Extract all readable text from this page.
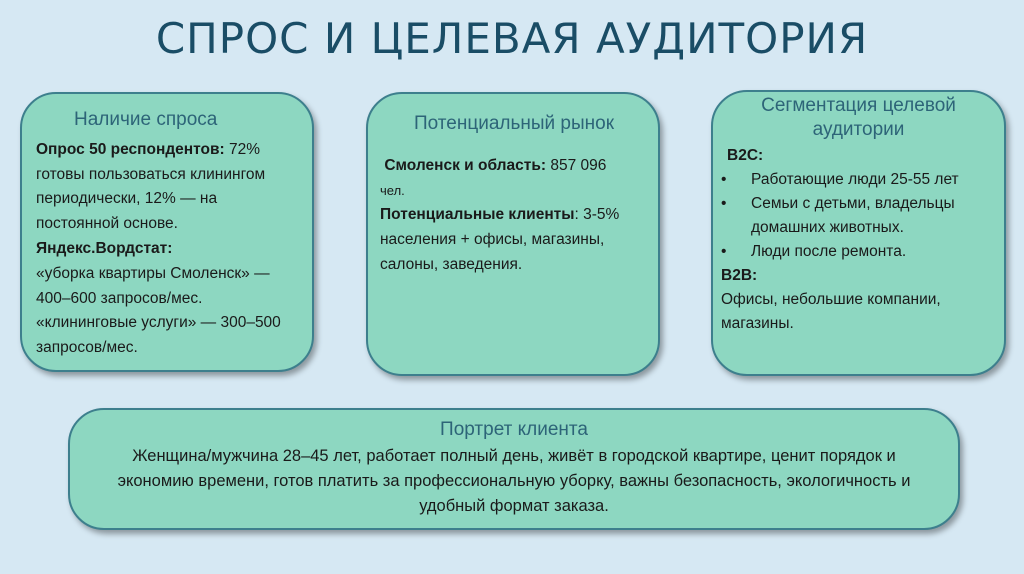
СПРОС И ЦЕЛЕВАЯ АУДИТОРИЯ
Наличие спроса
Опрос 50 респондентов: 72% готовы пользоваться клинингом периодически, 12% — на постоянной основе.
Яндекс.Вордстат:
«уборка квартиры Смоленск» — 400–600 запросов/мес.
«клининговые услуги» — 300–500 запросов/мес.
Потенциальный рынок
Смоленск и область: 857 096
чел.
Потенциальные клиенты: 3-5% населения + офисы, магазины, салоны, заведения.
Сегментация целевой аудитории
В2С:
•	Работающие люди 25-55 лет
•	Семьи с детьми, владельцы домашних животных.
•	Люди после ремонта.
В2В:
Офисы, небольшие компании, магазины.
Портрет клиента
Женщина/мужчина 28–45 лет, работает полный день, живёт в городской квартире, ценит порядок и экономию времени, готов платить за профессиональную уборку, важны безопасность, экологичность и удобный формат заказа.
